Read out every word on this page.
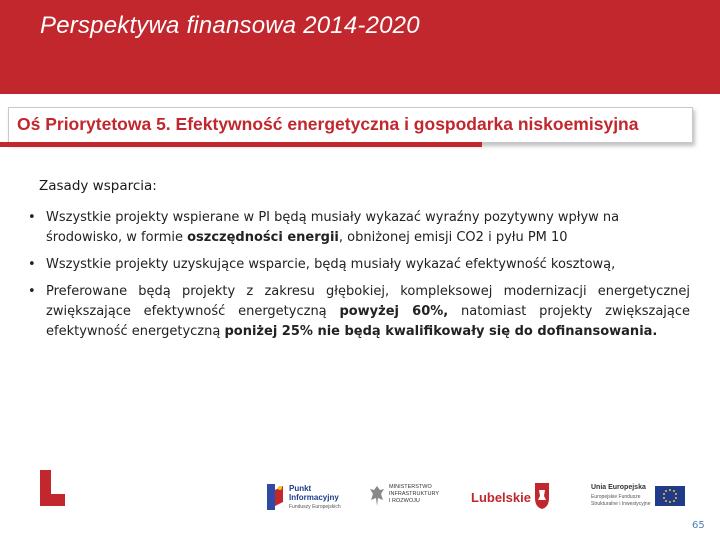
Perspektywa finansowa 2014-2020
Oś Priorytetowa 5. Efektywność energetyczna i gospodarka niskoemisyjna
Zasady wsparcia:
• Wszystkie projekty wspierane w PI będą musiały wykazać wyraźny pozytywny wpływ na środowisko, w formie oszczędności energii, obniżonej emisji CO2 i pyłu PM 10
• Wszystkie projekty uzyskujące wsparcie, będą musiały wykazać efektywność kosztową,
• Preferowane będą projekty z zakresu głębokiej, kompleksowej modernizacji energetycznej zwiększające efektywność energetyczną powyżej 60%, natomiast projekty zwiększające efektywność energetyczną poniżej 25% nie będą kwalifikowały się do dofinansowania.
Punkt
Informacyjny
Funduszy Europejskich
MINISTERSTWO
INFRASTRUKTURY
I ROZWOJU	Lubelskie
Unia Europejska
Europejskie Fundusze
Strukturalne i Inwestycyjne
65
